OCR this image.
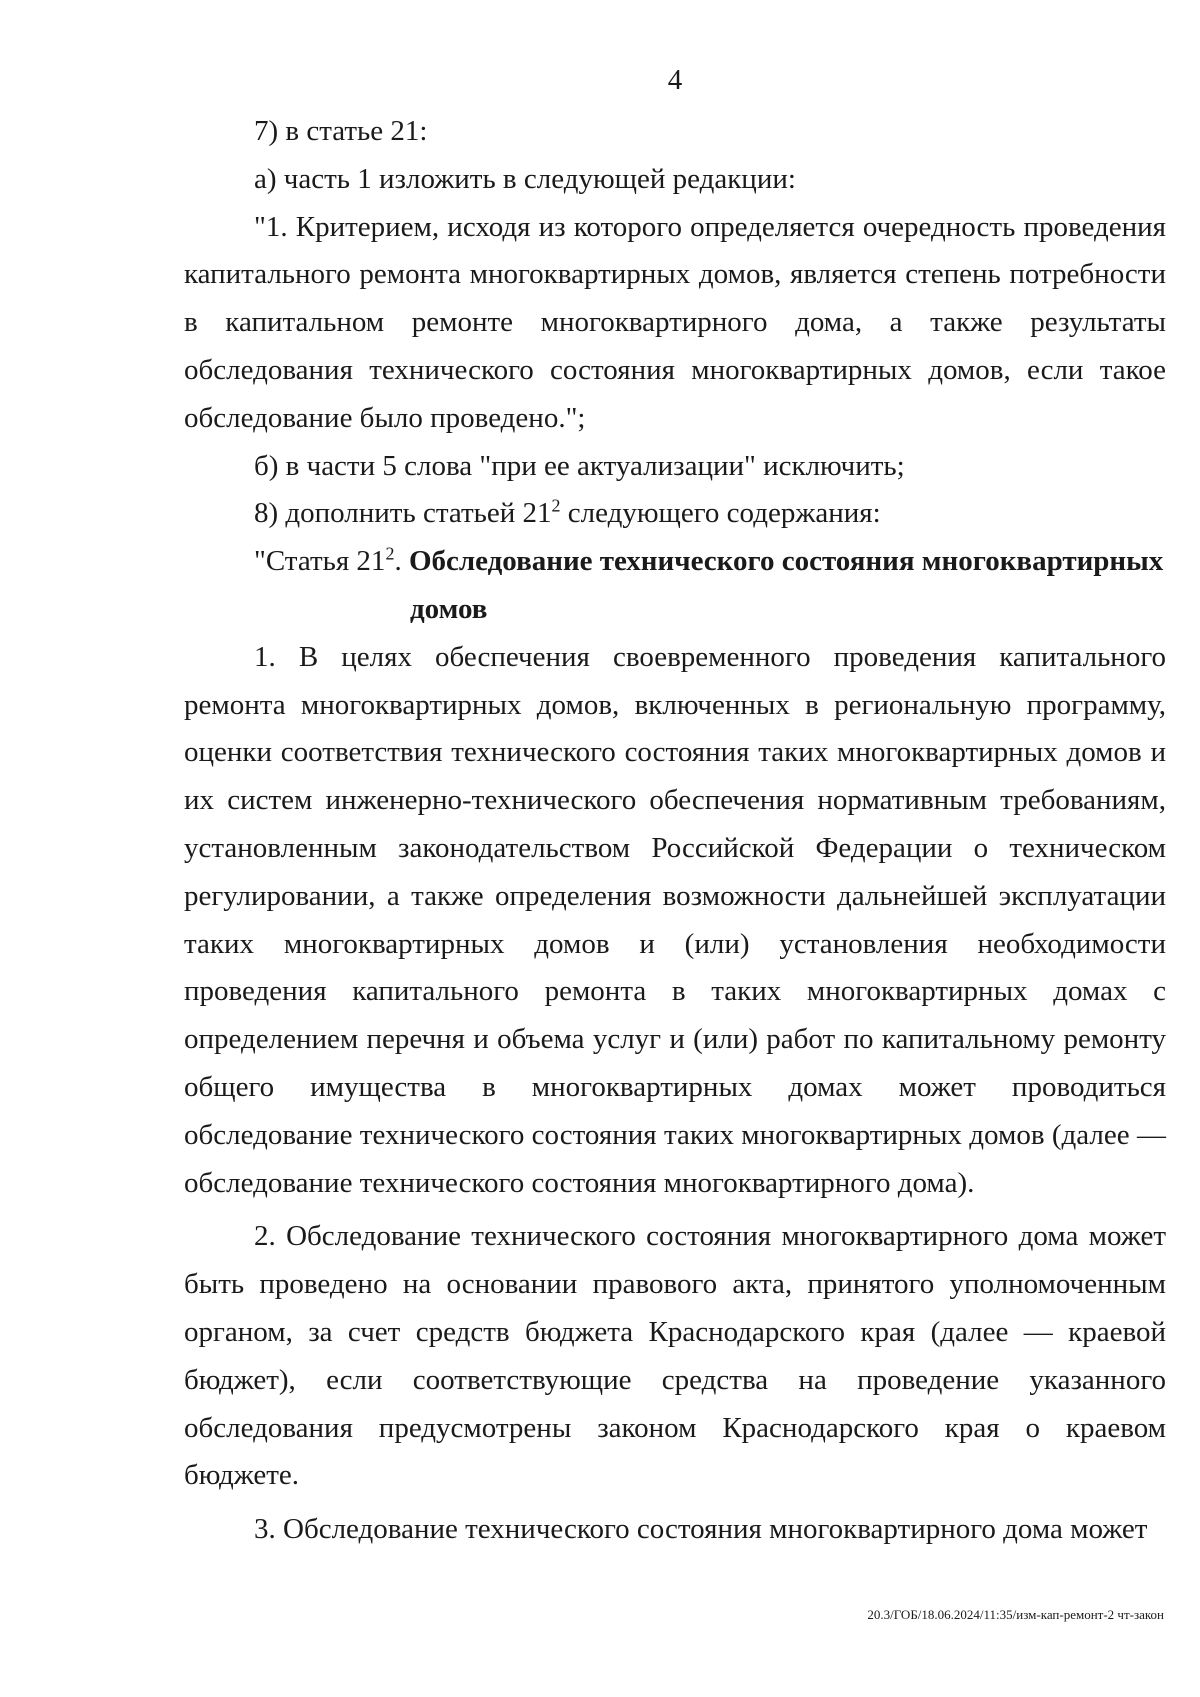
4

7) в статье 21:

а) часть 1 изложить в следующей редакции:

"1. Критерием, исходя из которого определяется очередность проведения капитального ремонта многоквартирных домов, является степень потребности в капитальном ремонте многоквартирного дома, а также результаты обследования технического состояния многоквартирных домов, если такое обследование было проведено.";

б) в части 5 слова "при ее актуализации" исключить;

8) дополнить статьей $21^2$ следующего содержания:

"Статья $21^2$. Обследование технического состояния многоквартирных
домов

1. В целях обеспечения своевременного проведения капитального ремонта многоквартирных домов, включенных в региональную программу, оценки соответствия технического состояния таких многоквартирных домов и их систем инженерно-технического обеспечения нормативным требованиям, установленным законодательством Российской Федерации о техническом регулировании, а также определения возможности дальнейшей эксплуатации таких многоквартирных домов и (или) установления необходимости проведения капитального ремонта в таких многоквартирных домах с определением перечня и объема услуг и (или) работ по капитальному ремонту общего имущества в многоквартирных домах может проводиться обследование технического состояния таких многоквартирных домов (далее — обследование технического состояния многоквартирного дома).

2. Обследование технического состояния многоквартирного дома может быть проведено на основании правового акта, принятого уполномоченным органом, за счет средств бюджета Краснодарского края (далее — краевой бюджет), если соответствующие средства на проведение указанного обследования предусмотрены законом Краснодарского края о краевом бюджете.

3. Обследование технического состояния многоквартирного дома может

20.3/ГОБ/18.06.2024/11:35/изм-кап-ремонт-2 чт-закон
